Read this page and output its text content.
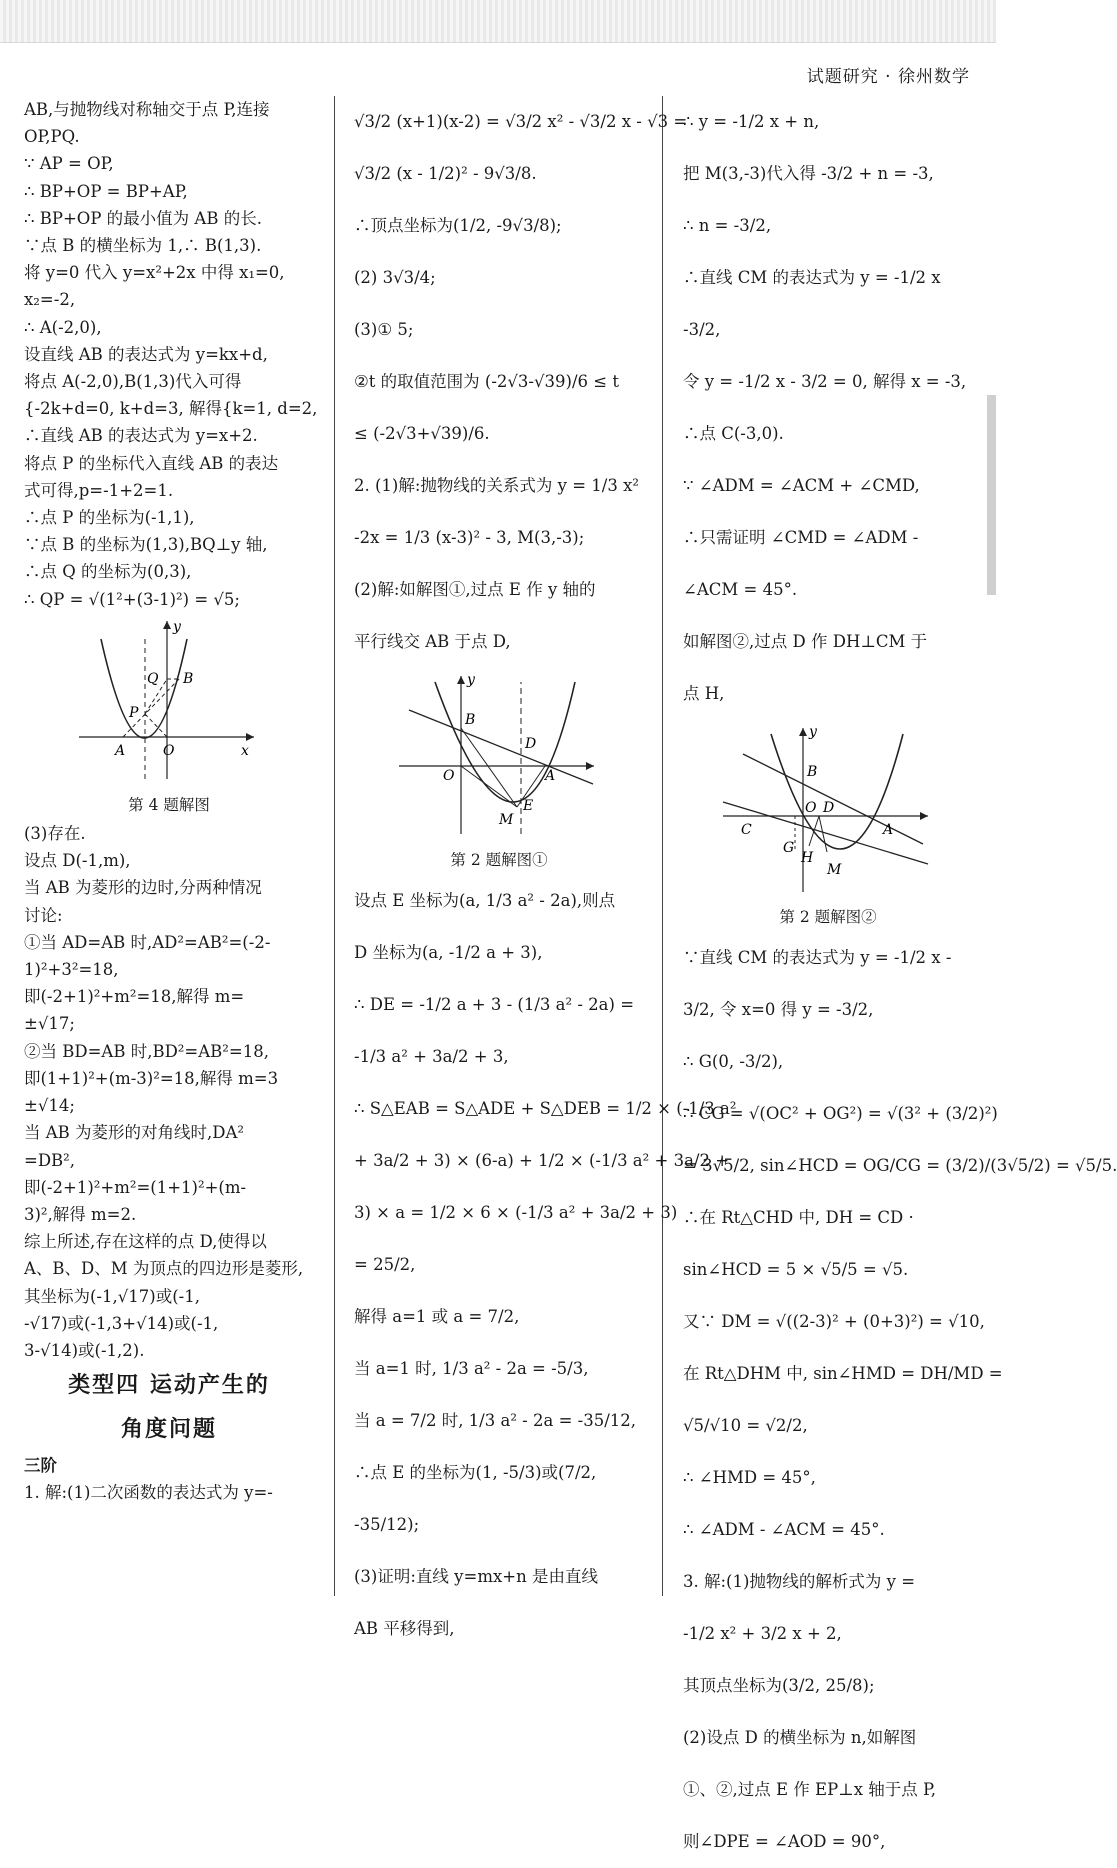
试题研究 · 徐州数学
AB,与抛物线对称轴交于点 P,连接
OP,PQ.
∵ AP = OP,
∴ BP+OP = BP+AP,
∴ BP+OP 的最小值为 AB 的长.
∵点 B 的横坐标为 1,∴ B(1,3).
将 y=0 代入 y=x²+2x 中得 x₁=0,
x₂=-2,
∴ A(-2,0),
设直线 AB 的表达式为 y=kx+d,
将点 A(-2,0),B(1,3)代入可得
{-2k+d=0, k+d=3, 解得{k=1, d=2,
∴直线 AB 的表达式为 y=x+2.
将点 P 的坐标代入直线 AB 的表达
式可得,p=-1+2=1.
∴点 P 的坐标为(-1,1),
∵点 B 的坐标为(1,3),BQ⊥y 轴,
∴点 Q 的坐标为(0,3),
∴ QP = √(1²+(3-1)²) = √5;
y
x
Q B
P
A	O
第 4 题解图
(3)存在.
设点 D(-1,m),
当 AB 为菱形的边时,分两种情况
讨论:
①当 AD=AB 时,AD²=AB²=(-2-
1)²+3²=18,
即(-2+1)²+m²=18,解得 m=
±√17;
②当 BD=AB 时,BD²=AB²=18,
即(1+1)²+(m-3)²=18,解得 m=3
±√14;
当 AB 为菱形的对角线时,DA²
=DB²,
即(-2+1)²+m²=(1+1)²+(m-
3)²,解得 m=2.
综上所述,存在这样的点 D,使得以
A、B、D、M 为顶点的四边形是菱形,
其坐标为(-1,√17)或(-1,
-√17)或(-1,3+√14)或(-1,
3-√14)或(-1,2).
类型四 运动产生的
角度问题
三阶
1. 解:(1)二次函数的表达式为 y=-
√3/2 (x+1)(x-2) = √3/2 x² - √3/2 x - √3 =
√3/2 (x - 1/2)² - 9√3/8.
∴顶点坐标为(1/2, -9√3/8);
(2) 3√3/4;
(3)① 5;
②t 的取值范围为 (-2√3-√39)/6 ≤ t
≤ (-2√3+√39)/6.
2. (1)解:抛物线的关系式为 y = 1/3 x²
-2x = 1/3 (x-3)² - 3, M(3,-3);
(2)解:如解图①,过点 E 作 y 轴的
平行线交 AB 于点 D,
y
B
D
O	A
M
E
第 2 题解图①
设点 E 坐标为(a, 1/3 a² - 2a),则点
D 坐标为(a, -1/2 a + 3),
∴ DE = -1/2 a + 3 - (1/3 a² - 2a) =
-1/3 a² + 3a/2 + 3,
∴ S△EAB = S△ADE + S△DEB = 1/2 × (-1/3 a²
+ 3a/2 + 3) × (6-a) + 1/2 × (-1/3 a² + 3a/2 +
3) × a = 1/2 × 6 × (-1/3 a² + 3a/2 + 3)
= 25/2,
解得 a=1 或 a = 7/2,
当 a=1 时, 1/3 a² - 2a = -5/3,
当 a = 7/2 时, 1/3 a² - 2a = -35/12,
∴点 E 的坐标为(1, -5/3)或(7/2,
-35/12);
(3)证明:直线 y=mx+n 是由直线
AB 平移得到,
∴ y = -1/2 x + n,
把 M(3,-3)代入得 -3/2 + n = -3,
∴ n = -3/2,
∴直线 CM 的表达式为 y = -1/2 x
-3/2,
令 y = -1/2 x - 3/2 = 0, 解得 x = -3,
∴点 C(-3,0).
∵ ∠ADM = ∠ACM + ∠CMD,
∴只需证明 ∠CMD = ∠ADM -
∠ACM = 45°.
如解图②,过点 D 作 DH⊥CM 于
点 H,
y
B
O D
C	A
G
H
M
第 2 题解图②
∵直线 CM 的表达式为 y = -1/2 x -
3/2, 令 x=0 得 y = -3/2,
∴ G(0, -3/2),
∴ CG = √(OC² + OG²) = √(3² + (3/2)²)
= 3√5/2, sin∠HCD = OG/CG = (3/2)/(3√5/2) = √5/5.
∴在 Rt△CHD 中, DH = CD ·
sin∠HCD = 5 × √5/5 = √5.
又∵ DM = √((2-3)² + (0+3)²) = √10,
在 Rt△DHM 中, sin∠HMD = DH/MD =
√5/√10 = √2/2,
∴ ∠HMD = 45°,
∴ ∠ADM - ∠ACM = 45°.
3. 解:(1)抛物线的解析式为 y =
-1/2 x² + 3/2 x + 2,
其顶点坐标为(3/2, 25/8);
(2)设点 D 的横坐标为 n,如解图
①、②,过点 E 作 EP⊥x 轴于点 P,
则∠DPE = ∠AOD = 90°,
